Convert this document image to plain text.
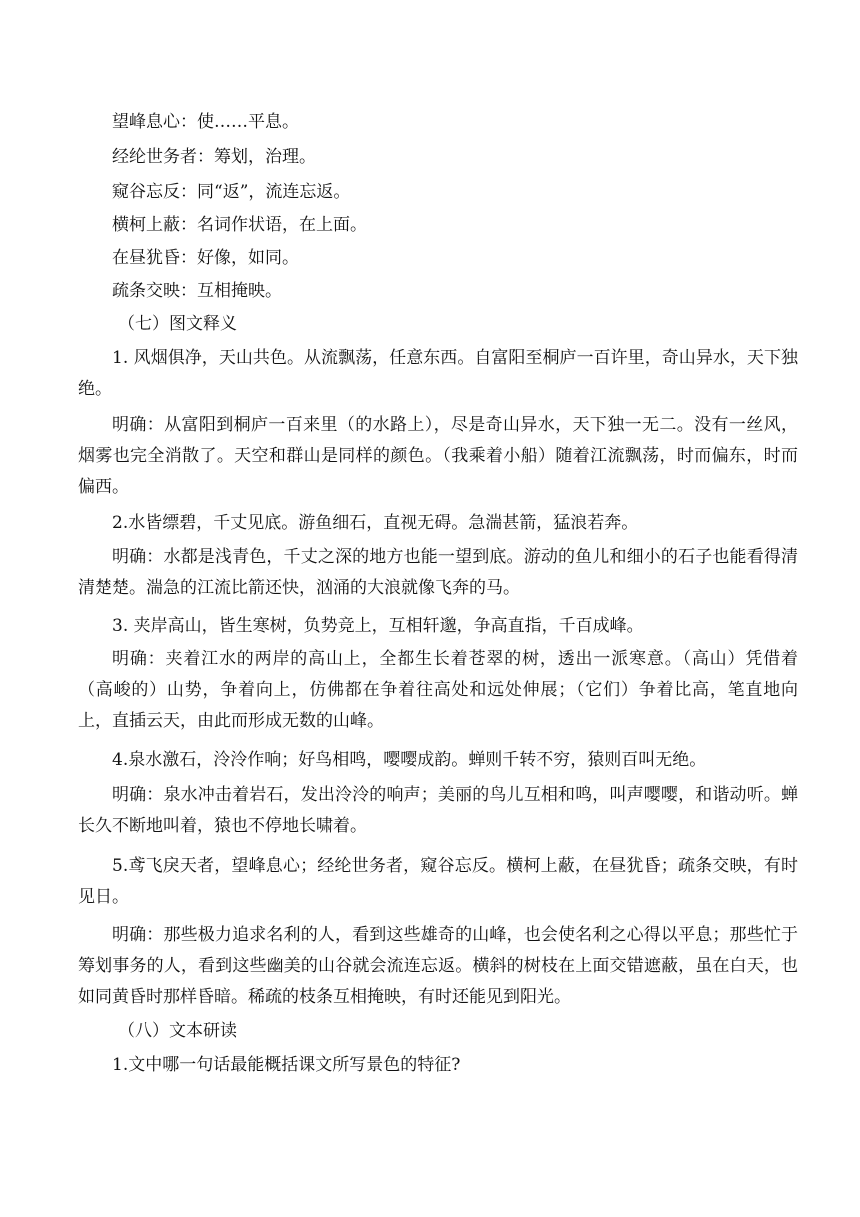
望峰息心：使……平息。
经纶世务者：筹划，治理。
窥谷忘反：同“返”，流连忘返。
横柯上蔽：名词作状语，在上面。
在昼犹昏：好像，如同。
疏条交映：互相掩映。
（七）图文释义
1. 风烟俱净，天山共色。从流飘荡，任意东西。自富阳至桐庐一百许里，奇山异水，天下独绝。
明确：从富阳到桐庐一百来里（的水路上），尽是奇山异水，天下独一无二。没有一丝风，烟雾也完全消散了。天空和群山是同样的颜色。（我乘着小船）随着江流飘荡，时而偏东，时而偏西。
2.水皆缥碧，千丈见底。游鱼细石，直视无碍。急湍甚箭，猛浪若奔。
明确：水都是浅青色，千丈之深的地方也能一望到底。游动的鱼儿和细小的石子也能看得清清楚楚。湍急的江流比箭还快，汹涌的大浪就像飞奔的马。
3. 夹岸高山，皆生寒树，负势竞上，互相轩邈，争高直指，千百成峰。
明确：夹着江水的两岸的高山上，全都生长着苍翠的树，透出一派寒意。（高山）凭借着（高峻的）山势，争着向上，仿佛都在争着往高处和远处伸展；（它们）争着比高，笔直地向上，直插云天，由此而形成无数的山峰。
4.泉水激石，泠泠作响；好鸟相鸣，嘤嘤成韵。蝉则千转不穷，猿则百叫无绝。
明确：泉水冲击着岩石，发出泠泠的响声；美丽的鸟儿互相和鸣，叫声嘤嘤，和谐动听。蝉长久不断地叫着，猿也不停地长啸着。
5.鸢飞戾天者，望峰息心；经纶世务者，窥谷忘反。横柯上蔽，在昼犹昏；疏条交映，有时见日。
明确：那些极力追求名利的人，看到这些雄奇的山峰，也会使名利之心得以平息；那些忙于筹划事务的人，看到这些幽美的山谷就会流连忘返。横斜的树枝在上面交错遮蔽，虽在白天，也如同黄昏时那样昏暗。稀疏的枝条互相掩映，有时还能见到阳光。
（八）文本研读
1.文中哪一句话最能概括课文所写景色的特征?
